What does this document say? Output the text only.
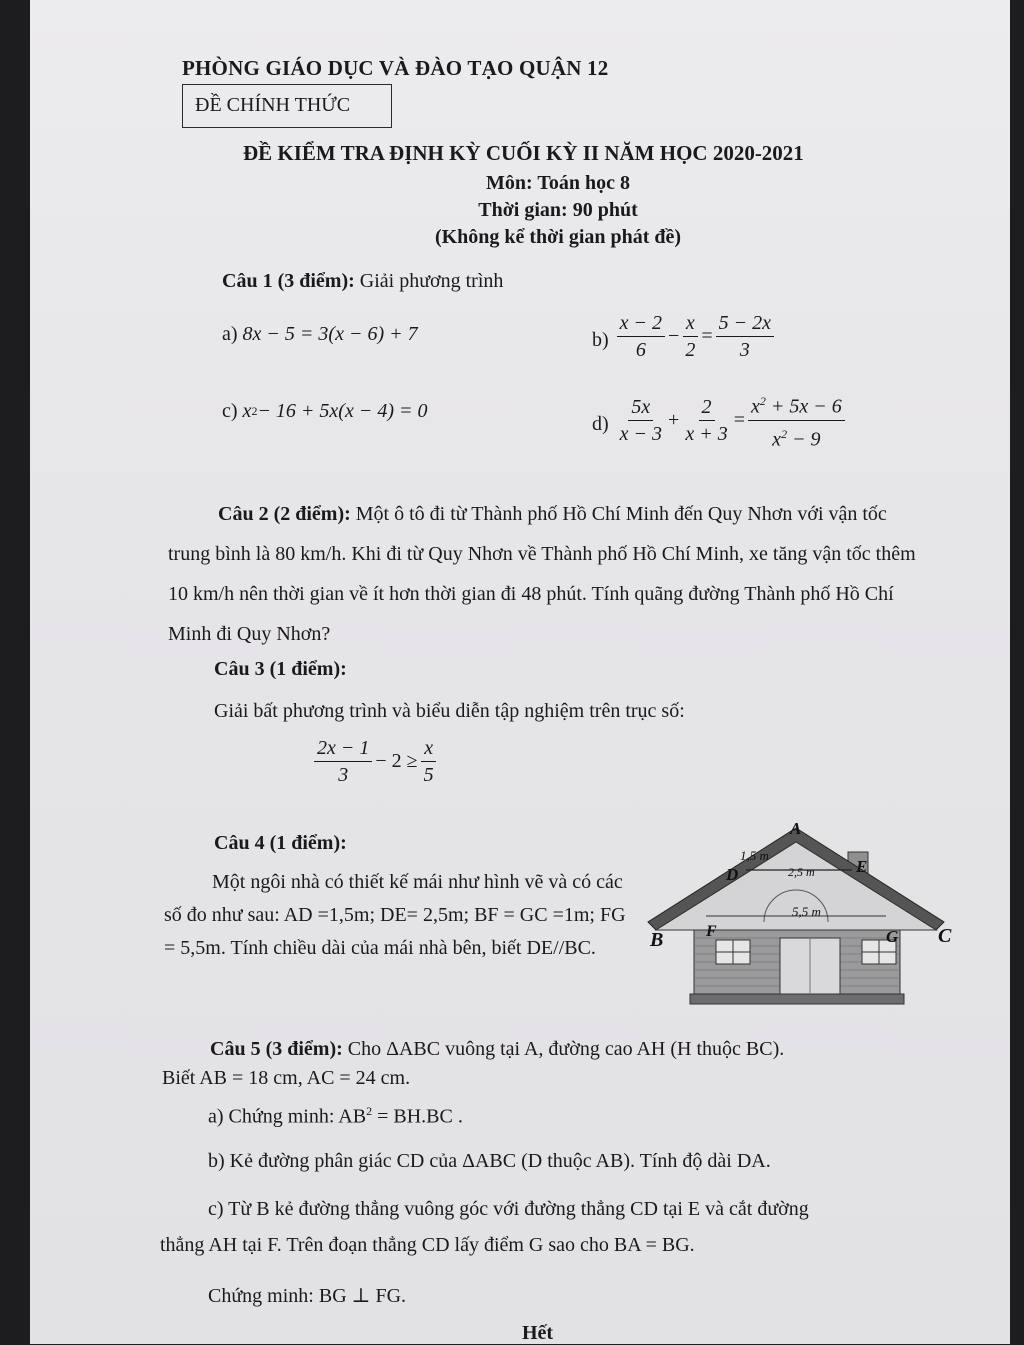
PHÒNG GIÁO DỤC VÀ ĐÀO TẠO QUẬN 12
ĐỀ CHÍNH THỨC
ĐỀ KIỂM TRA ĐỊNH KỲ CUỐI KỲ II NĂM HỌC 2020-2021
Môn: Toán học 8
Thời gian: 90 phút
(Không kể thời gian phát đề)
Câu 1 (3 điểm): Giải phương trình
a)
8x − 5 = 3(x − 6) + 7	$b) \frac{x - 2}{6} - \frac{x}{2} = \frac{5 - 2x}{3}$
c)
x 2 − 16 + 5x(x − 4) = 0
$d) \frac{5x}{x - 3} + \frac{2}{x + 3} = \frac{x^2 + 5x - 6}{x^2 - 9}$
Câu 2 (2 điểm): Một ô tô đi từ Thành phố Hồ Chí Minh đến Quy Nhơn với vận tốc trung bình là 80 km/h. Khi đi từ Quy Nhơn về Thành phố Hồ Chí Minh, xe tăng vận tốc thêm 10 km/h nên thời gian về ít hơn thời gian đi 48 phút. Tính quãng đường Thành phố Hồ Chí Minh đi Quy Nhơn?
Câu 3 (1 điểm):
Giải bất phương trình và biểu diễn tập nghiệm trên trục số:
$\frac{2x - 1}{3} - 2 \ge \frac{x}{5}$
Câu 4 (1 điểm):
Một ngôi nhà có thiết kế mái như hình vẽ và có các số đo như sau: AD =1,5m; DE= 2,5m; BF = GC =1m; FG = 5,5m. Tính chiều dài của mái nhà bên, biết DE//BC.
A
D	E
B	C
F	G
1,5 m
2,5 m
5,5 m
Câu 5 (3 điểm): Cho ΔABC vuông tại A, đường cao AH (H thuộc BC).
Biết AB = 18 cm, AC = 24 cm.
a) Chứng minh: $AB^2 = BH.BC$ .
b) Kẻ đường phân giác CD của ΔABC (D thuộc AB). Tính độ dài DA.
c) Từ B kẻ đường thẳng vuông góc với đường thẳng CD tại E và cắt đường
thẳng AH tại F. Trên đoạn thẳng CD lấy điểm G sao cho BA = BG.
Chứng minh: BG ⊥ FG.
Hết
